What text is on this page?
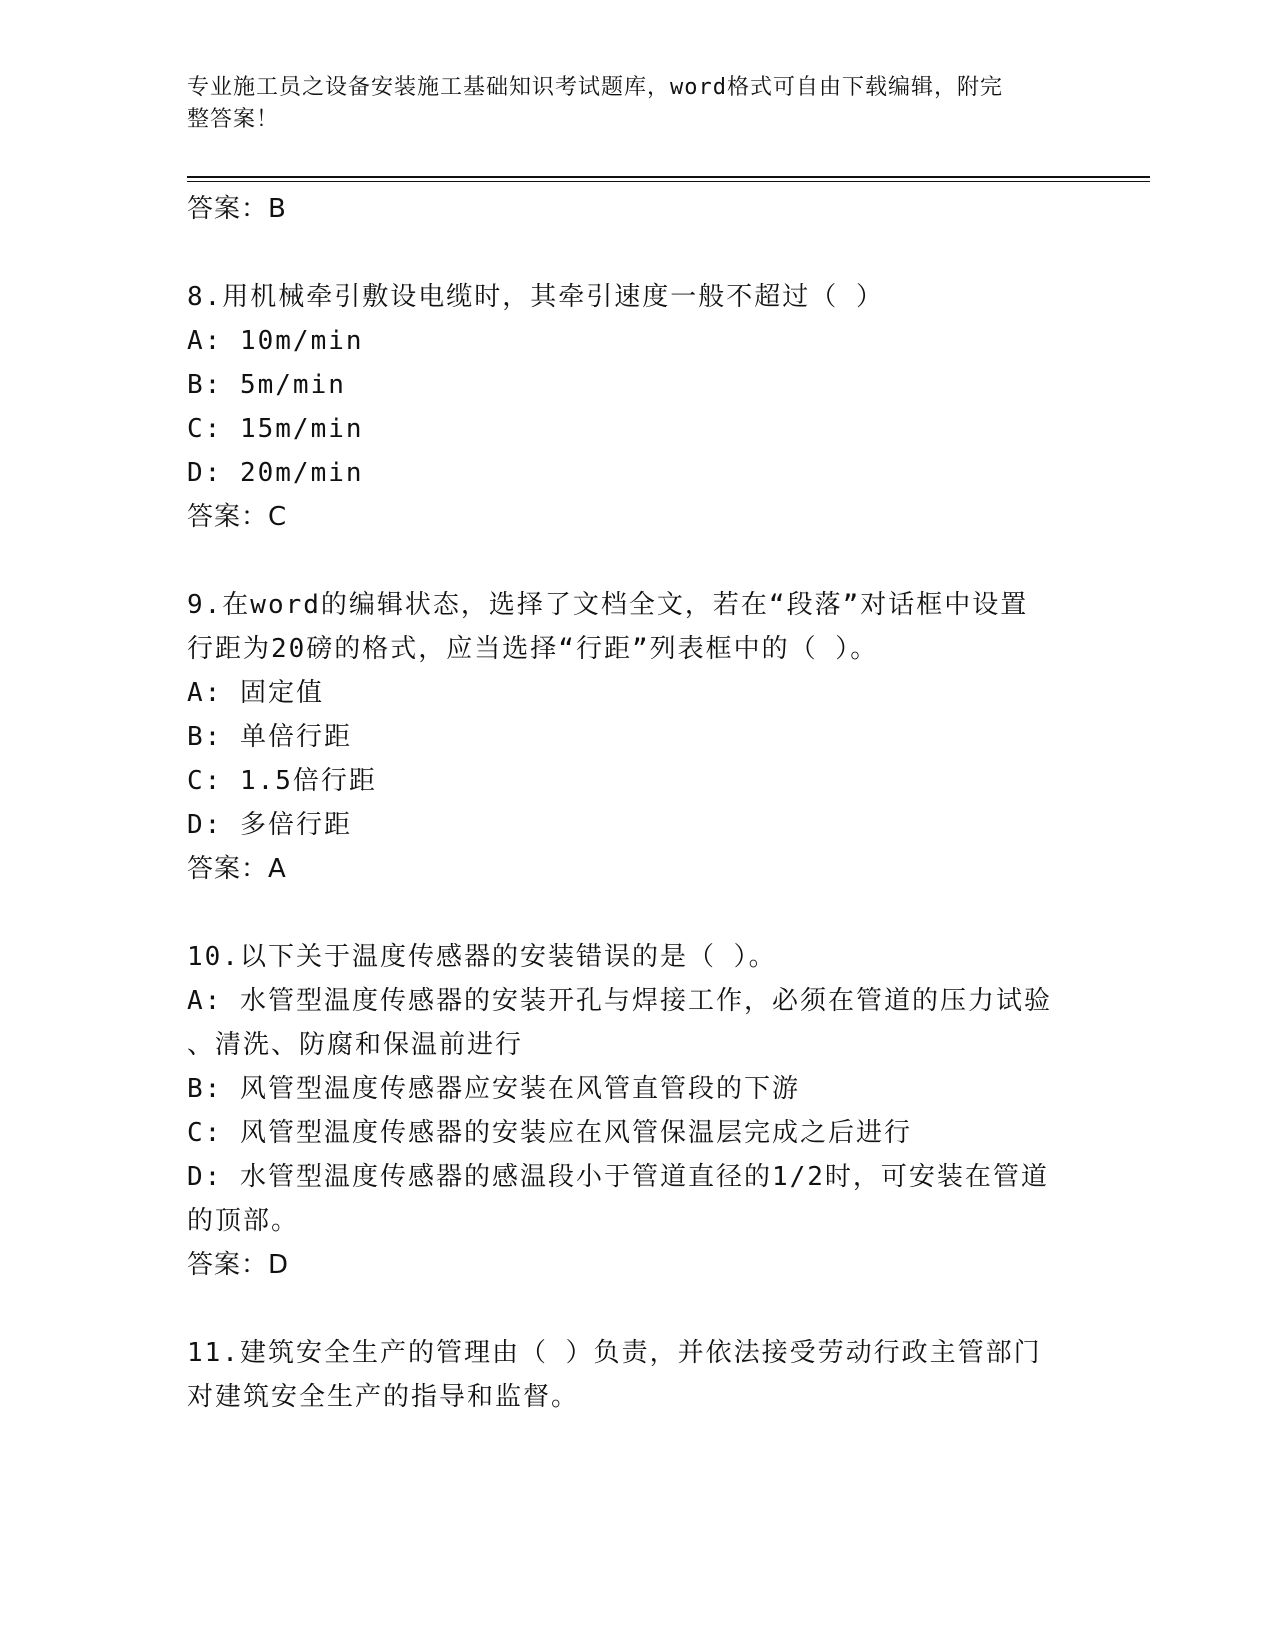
专业施工员之设备安装施工基础知识考试题库，word格式可自由下载编辑，附完
整答案！
答案：B
8.用机械牵引敷设电缆时，其牵引速度一般不超过（ ）
A: 10m/min
B: 5m/min
C: 15m/min
D: 20m/min
答案：C
9.在word的编辑状态，选择了文档全文，若在“段落”对话框中设置
行距为20磅的格式，应当选择“行距”列表框中的（ ）。
A: 固定值
B: 单倍行距
C: 1.5倍行距
D: 多倍行距
答案：A
10.以下关于温度传感器的安装错误的是（ ）。
A: 水管型温度传感器的安装开孔与焊接工作，必须在管道的压力试验
、清洗、防腐和保温前进行
B: 风管型温度传感器应安装在风管直管段的下游
C: 风管型温度传感器的安装应在风管保温层完成之后进行
D: 水管型温度传感器的感温段小于管道直径的1/2时，可安装在管道
的顶部。
答案：D
11.建筑安全生产的管理由（ ）负责，并依法接受劳动行政主管部门
对建筑安全生产的指导和监督。
